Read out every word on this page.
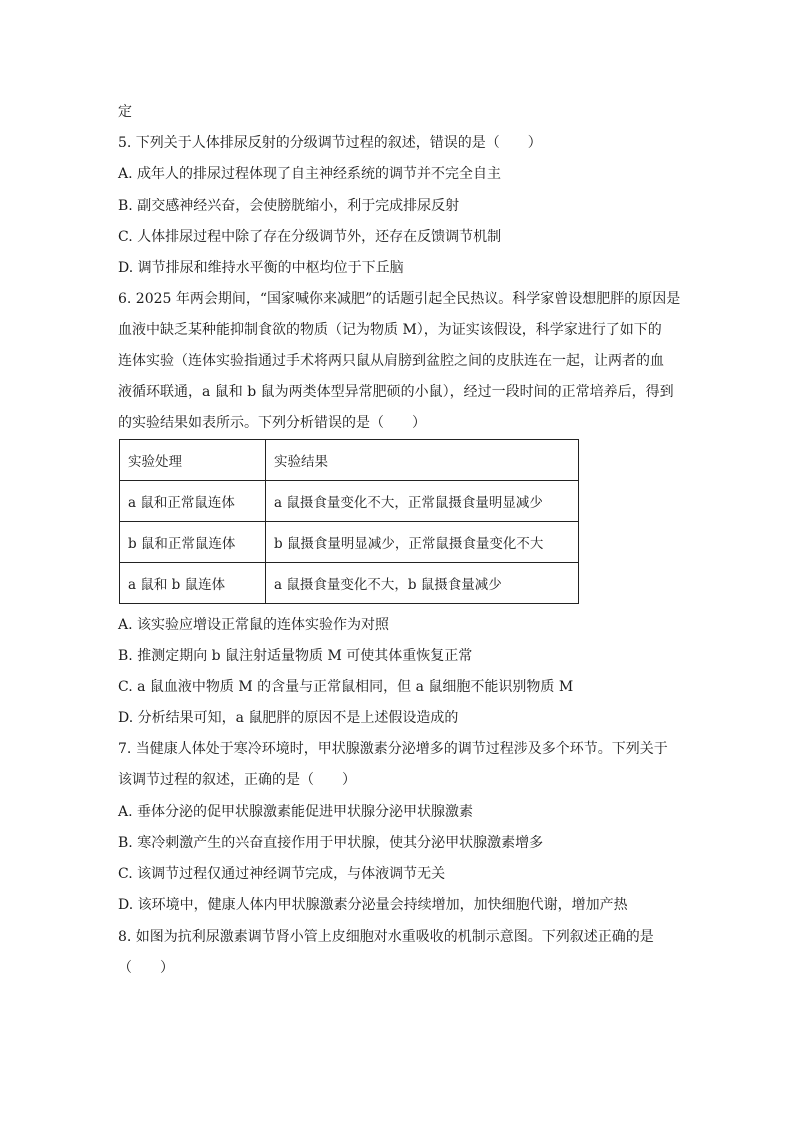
定
5. 下列关于人体排尿反射的分级调节过程的叙述，错误的是（　　）
A. 成年人的排尿过程体现了自主神经系统的调节并不完全自主
B. 副交感神经兴奋，会使膀胱缩小，利于完成排尿反射
C. 人体排尿过程中除了存在分级调节外，还存在反馈调节机制
D. 调节排尿和维持水平衡的中枢均位于下丘脑
6. 2025 年两会期间，“国家喊你来减肥”的话题引起全民热议。科学家曾设想肥胖的原因是
血液中缺乏某种能抑制食欲的物质（记为物质 M），为证实该假设，科学家进行了如下的
连体实验（连体实验指通过手术将两只鼠从肩膀到盆腔之间的皮肤连在一起，让两者的血
液循环联通，a 鼠和 b 鼠为两类体型异常肥硕的小鼠），经过一段时间的正常培养后，得到
的实验结果如表所示。下列分析错误的是（　　）
实验处理	实验结果
a 鼠和正常鼠连体	a 鼠摄食量变化不大，正常鼠摄食量明显减少
b 鼠和正常鼠连体	b 鼠摄食量明显减少，正常鼠摄食量变化不大
a 鼠和 b 鼠连体	a 鼠摄食量变化不大，b 鼠摄食量减少
A. 该实验应增设正常鼠的连体实验作为对照
B. 推测定期向 b 鼠注射适量物质 M 可使其体重恢复正常
C. a 鼠血液中物质 M 的含量与正常鼠相同，但 a 鼠细胞不能识别物质 M
D. 分析结果可知，a 鼠肥胖的原因不是上述假设造成的
7. 当健康人体处于寒冷环境时，甲状腺激素分泌增多的调节过程涉及多个环节。下列关于
该调节过程的叙述，正确的是（　　）
A. 垂体分泌的促甲状腺激素能促进甲状腺分泌甲状腺激素
B. 寒冷刺激产生的兴奋直接作用于甲状腺，使其分泌甲状腺激素增多
C. 该调节过程仅通过神经调节完成，与体液调节无关
D. 该环境中，健康人体内甲状腺激素分泌量会持续增加，加快细胞代谢，增加产热
8. 如图为抗利尿激素调节肾小管上皮细胞对水重吸收的机制示意图。下列叙述正确的是
（　　）
